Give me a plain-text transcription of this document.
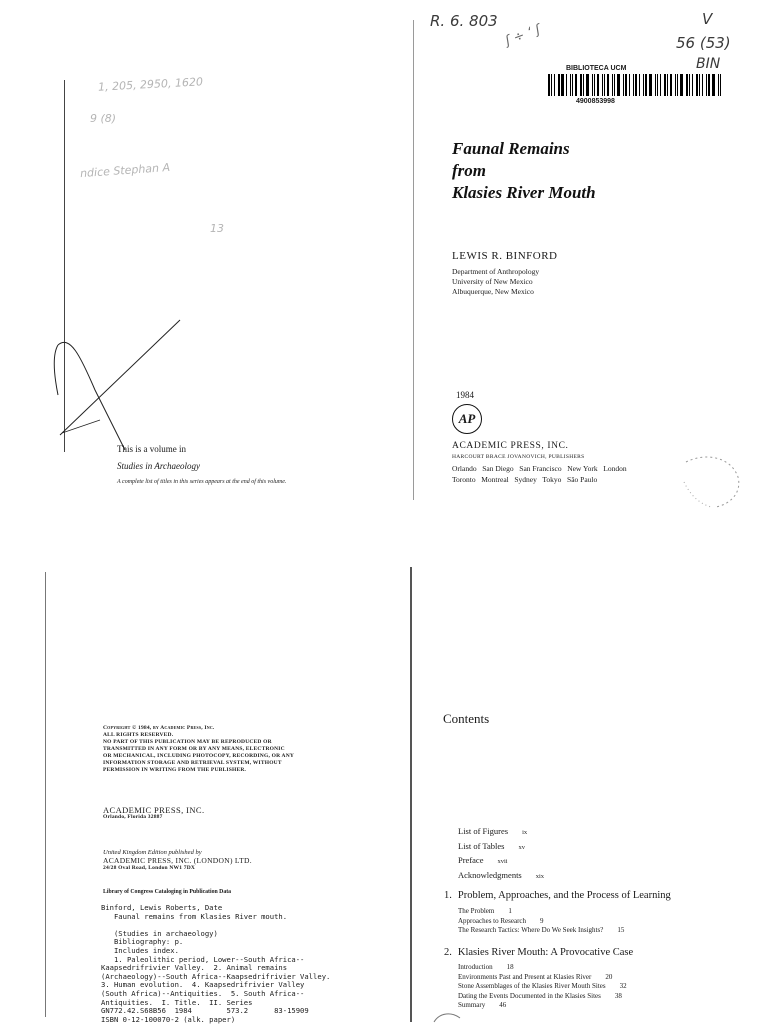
1, 205, 2950, 1620
9 (8)
ndice Stephan A
13
This is a volume in
Studies in Archaeology
A complete list of titles in this series appears at the end of this volume.
R. 6. 803
ʃ ÷ ʻ ʃ
V
56 (53)
BIN
BIBLIOTECA UCM
4900853998
Faunal Remains
from
Klasies River Mouth
LEWIS R. BINFORD
Department of Anthropology
University of New Mexico
Albuquerque, New Mexico
1984
AP
ACADEMIC PRESS, INC.
HARCOURT BRACE JOVANOVICH, PUBLISHERS
Orlando   San Diego   San Francisco   New York   London
Toronto   Montreal   Sydney   Tokyo   São Paulo
Copyright © 1984, by Academic Press, Inc.
ALL RIGHTS RESERVED.
NO PART OF THIS PUBLICATION MAY BE REPRODUCED OR
TRANSMITTED IN ANY FORM OR BY ANY MEANS, ELECTRONIC
OR MECHANICAL, INCLUDING PHOTOCOPY, RECORDING, OR ANY
INFORMATION STORAGE AND RETRIEVAL SYSTEM, WITHOUT
PERMISSION IN WRITING FROM THE PUBLISHER.
ACADEMIC PRESS, INC.
Orlando, Florida 32887
United Kingdom Edition published by
ACADEMIC PRESS, INC. (LONDON) LTD.
24/28 Oval Road, London NW1 7DX
Library of Congress Cataloging in Publication Data
Binford, Lewis Roberts, Date
Faunal remains from Klasies River mouth.

(Studies in archaeology)
Bibliography: p.
Includes index.
1. Paleolithic period, Lower--South Africa--
Kaapsedrifrivier Valley.  2. Animal remains
(Archaeology)--South Africa--Kaapsedrifrivier Valley.
3. Human evolution.  4. Kaapsedrifrivier Valley
(South Africa)--Antiquities.  5. South Africa--
Antiquities.  I. Title.  II. Series
GN772.42.S68B56  1984        573.2      83-15909
ISBN 0-12-100070-2 (alk. paper)
Contents
List of Figures ix
List of Tables xv
Preface xvii
Acknowledgments xix
1. Problem, Approaches, and the Process of Learning
The Problem 1
Approaches to Research 9
The Research Tactics: Where Do We Seek Insights? 15
2. Klasies River Mouth: A Provocative Case
Introduction 18
Environments Past and Present at Klasies River 20
Stone Assemblages of the Klasies River Mouth Sites 32
Dating the Events Documented in the Klasies Sites 38
Summary 46
